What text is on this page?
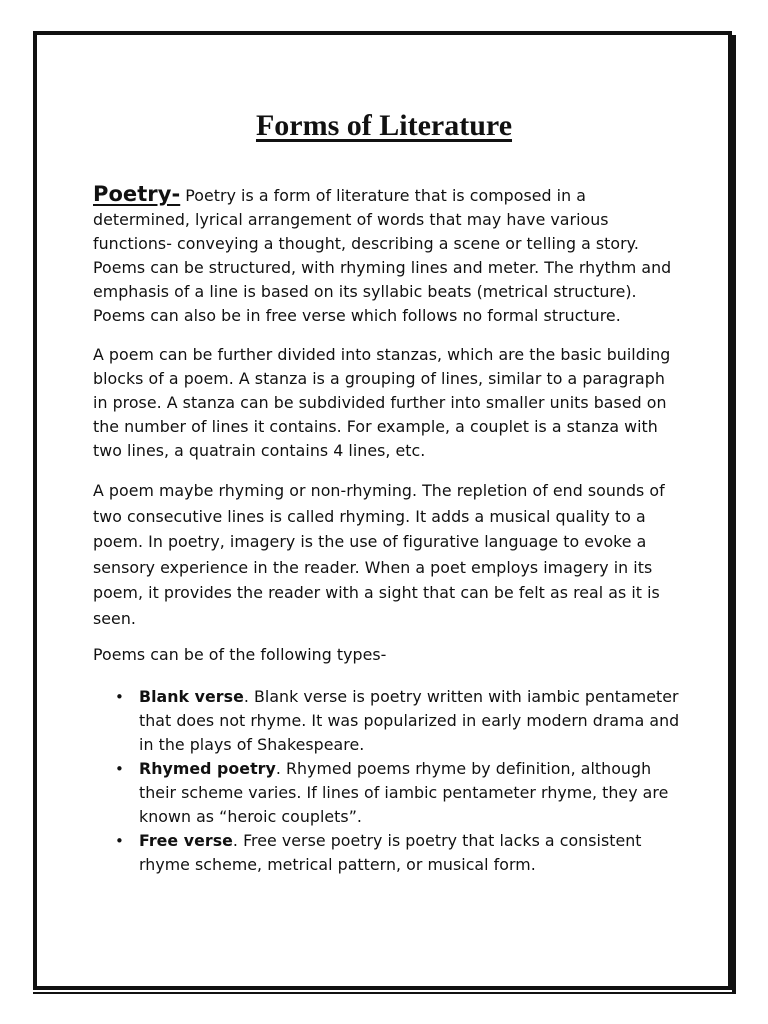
Forms of Literature

Poetry- Poetry is a form of literature that is composed in a determined, lyrical arrangement of words that may have various functions- conveying a thought, describing a scene or telling a story. Poems can be structured, with rhyming lines and meter. The rhythm and emphasis of a line is based on its syllabic beats (metrical structure). Poems can also be in free verse which follows no formal structure.

A poem can be further divided into stanzas, which are the basic building blocks of a poem. A stanza is a grouping of lines, similar to a paragraph in prose. A stanza can be subdivided further into smaller units based on the number of lines it contains. For example, a couplet is a stanza with two lines, a quatrain contains 4 lines, etc.

A poem maybe rhyming or non-rhyming. The repletion of end sounds of two consecutive lines is called rhyming. It adds a musical quality to a poem. In poetry, imagery is the use of figurative language to evoke a sensory experience in the reader. When a poet employs imagery in its poem, it provides the reader with a sight that can be felt as real as it is seen.

Poems can be of the following types-

• Blank verse. Blank verse is poetry written with iambic pentameter that does not rhyme. It was popularized in early modern drama and in the plays of Shakespeare.
• Rhymed poetry. Rhymed poems rhyme by definition, although their scheme varies. If lines of iambic pentameter rhyme, they are known as “heroic couplets”.
• Free verse. Free verse poetry is poetry that lacks a consistent rhyme scheme, metrical pattern, or musical form.
